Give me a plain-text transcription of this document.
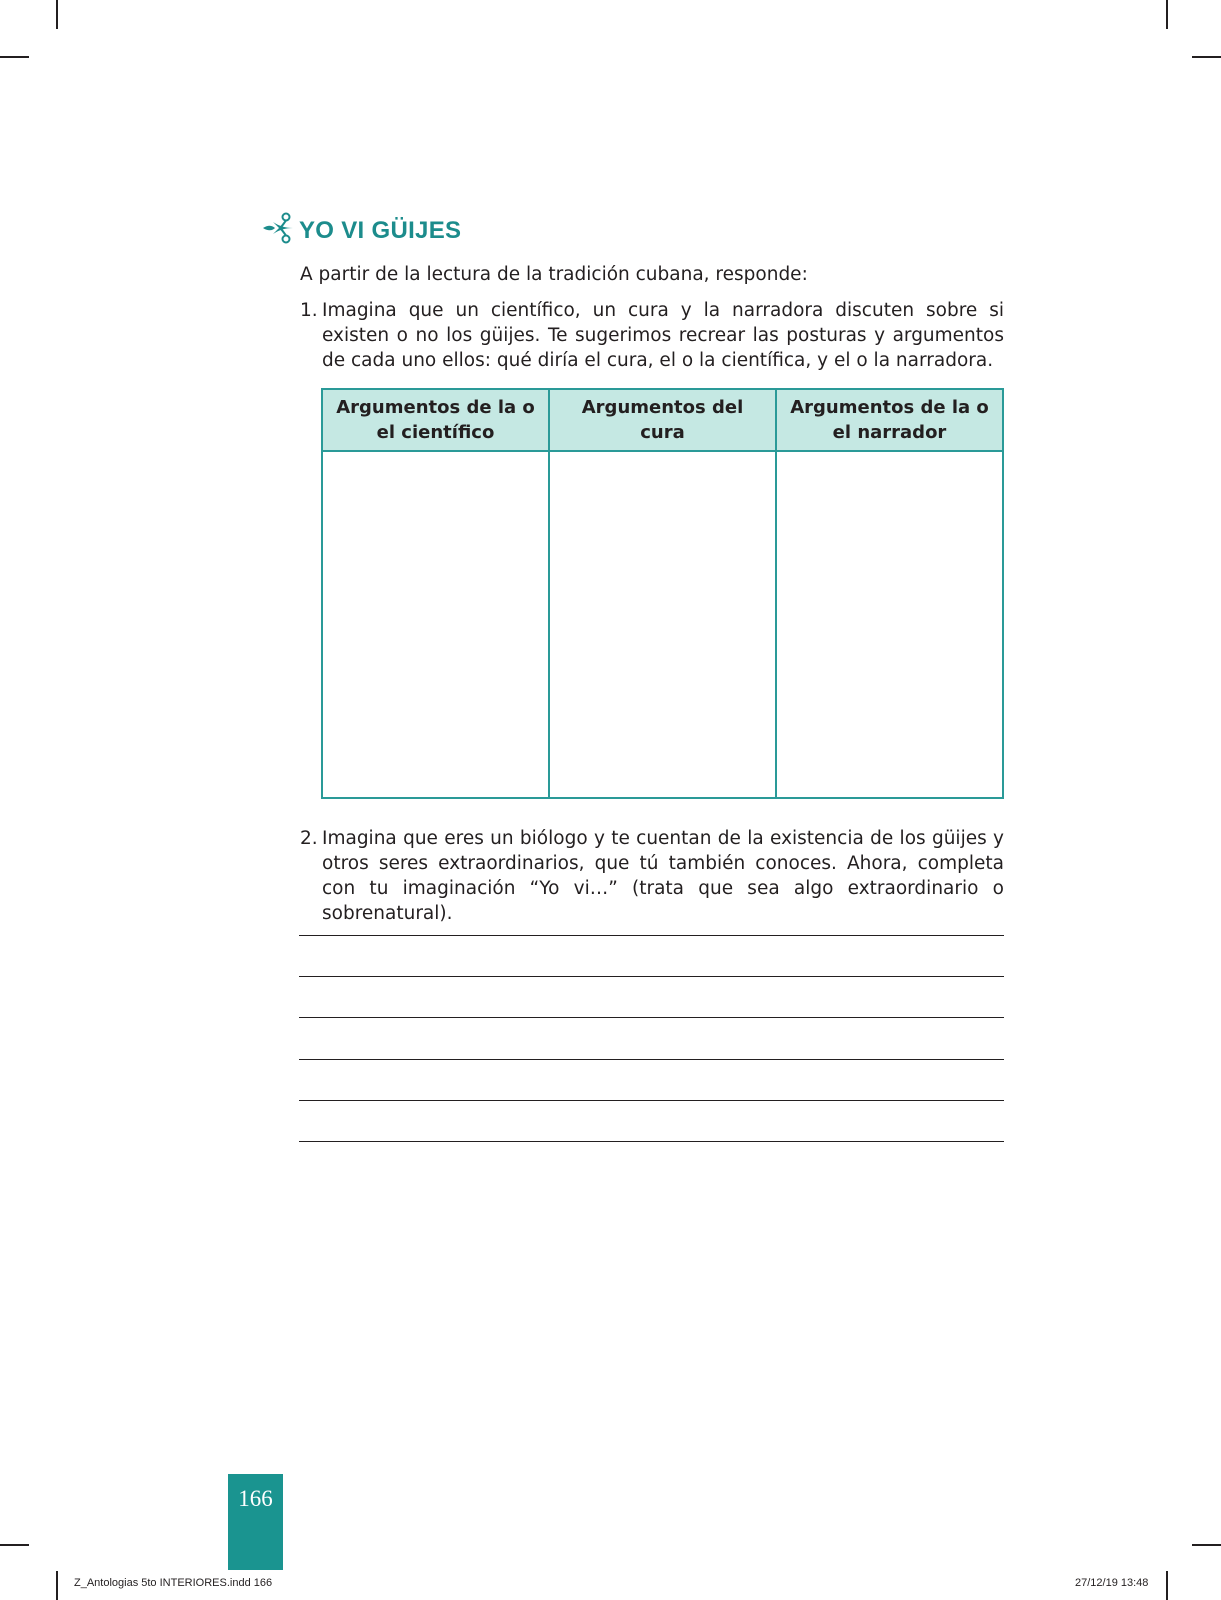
YO VI GÜIJES
A partir de la lectura de la tradición cubana, responde:
1. Imagina que un científico, un cura y la narradora discuten sobre si existen o no los güijes. Te sugerimos recrear las posturas y argumentos de cada uno ellos: qué diría el cura, el o la científica, y el o la narradora.
Argumentos de la o el científico	Argumentos del cura	Argumentos de la o el narrador

2. Imagina que eres un biólogo y te cuentan de la existencia de los güijes y otros seres extraordinarios, que tú también conoces. Ahora, completa con tu imaginación “Yo vi…” (trata que sea algo extraordinario o sobrenatural).
166
Z_Antologias 5to INTERIORES.indd 166	27/12/19 13:48
